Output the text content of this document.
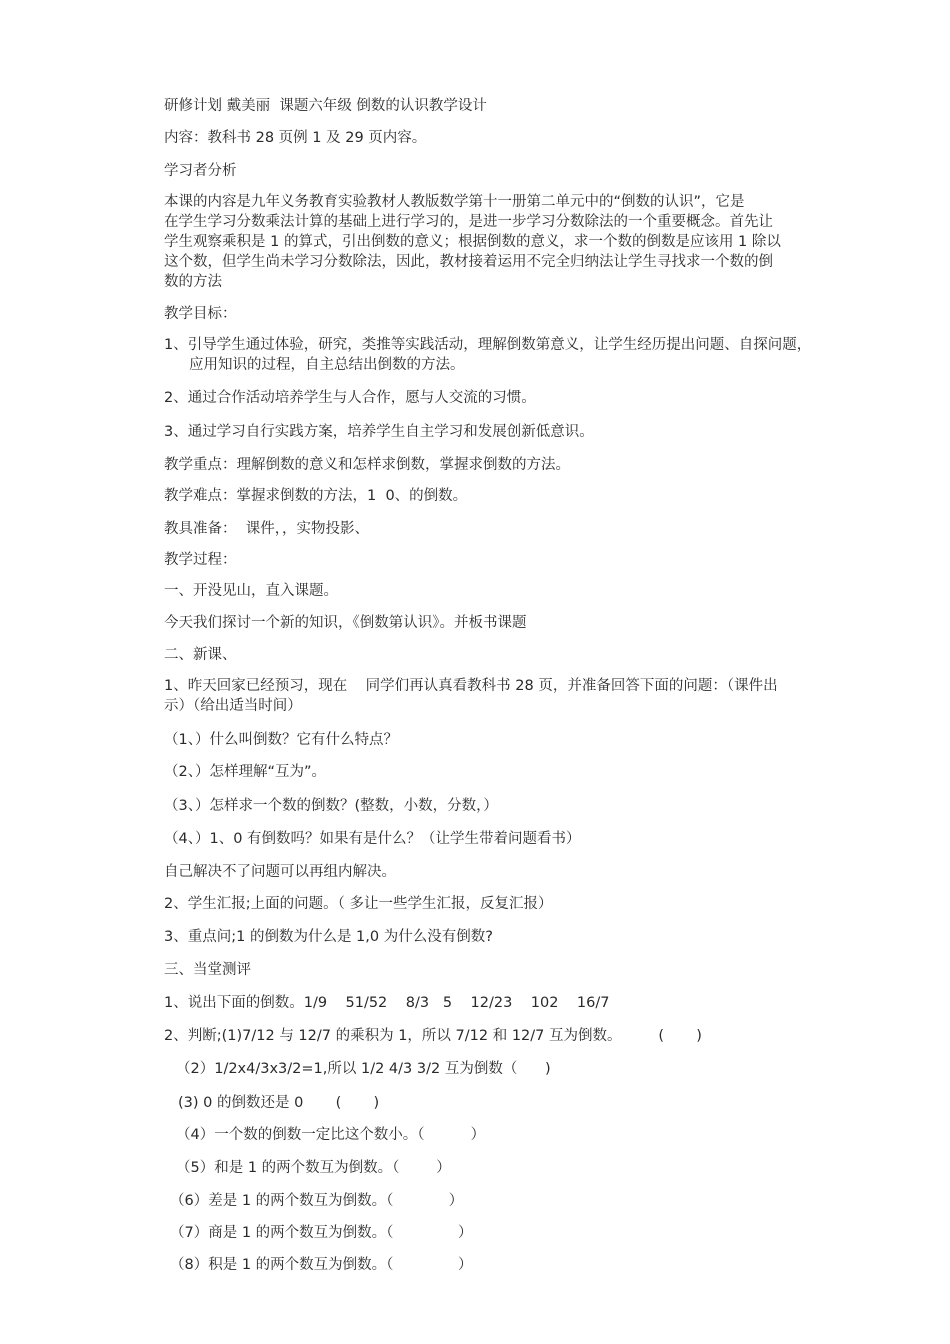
研修计划 戴美丽  课题六年级 倒数的认识教学设计
内容：教科书 28 页例 1 及 29 页内容。
学习者分析
本课的内容是九年义务教育实验教材人教版数学第十一册第二单元中的“倒数的认识”，它是
在学生学习分数乘法计算的基础上进行学习的，是进一步学习分数除法的一个重要概念。首先让
学生观察乘积是 1 的算式，引出倒数的意义；根据倒数的意义，求一个数的倒数是应该用 1 除以
这个数，但学生尚未学习分数除法，因此，教材接着运用不完全归纳法让学生寻找求一个数的倒
数的方法
教学目标：
1、引导学生通过体验，研究，类推等实践活动，理解倒数第意义，让学生经历提出问题、自探问题，
应用知识的过程，自主总结出倒数的方法。
2、通过合作活动培养学生与人合作，愿与人交流的习惯。
3、通过学习自行实践方案，培养学生自主学习和发展创新低意识。
教学重点：理解倒数的意义和怎样求倒数，掌握求倒数的方法。
教学难点：掌握求倒数的方法，1  0、的倒数。
教具准备：  课件，，实物投影、
教学过程：
一、开没见山，直入课题。
今天我们探讨一个新的知识，《倒数第认识》。并板书课题
二、新课、
1、昨天回家已经预习，现在    同学们再认真看教科书 28 页，并准备回答下面的问题：（课件出
示）（给出适当时间）
（1、）什么叫倒数？它有什么特点？
（2、）怎样理解“互为”。
（3、）怎样求一个数的倒数？(整数，小数，分数，）
（4、）1、0 有倒数吗？如果有是什么？（让学生带着问题看书）
自己解决不了问题可以再组内解决。
2、学生汇报;上面的问题。（ 多让一些学生汇报，反复汇报）
3、重点问;1 的倒数为什么是 1,0 为什么没有倒数?
三、当堂测评
1、说出下面的倒数。1/9    51/52    8/3   5    12/23    102    16/7
2、判断;(1)7/12 与 12/7 的乘积为 1，所以 7/12 和 12/7 互为倒数。        (       )
（2）1/2x4/3x3/2=1,所以 1/2 4/3 3/2 互为倒数（      )
(3) 0 的倒数还是 0       (       )
（4）一个数的倒数一定比这个数小。（          ）
（5）和是 1 的两个数互为倒数。（        ）
（6）差是 1 的两个数互为倒数。（            ）
（7）商是 1 的两个数互为倒数。（              ）
（8）积是 1 的两个数互为倒数。（              ）
